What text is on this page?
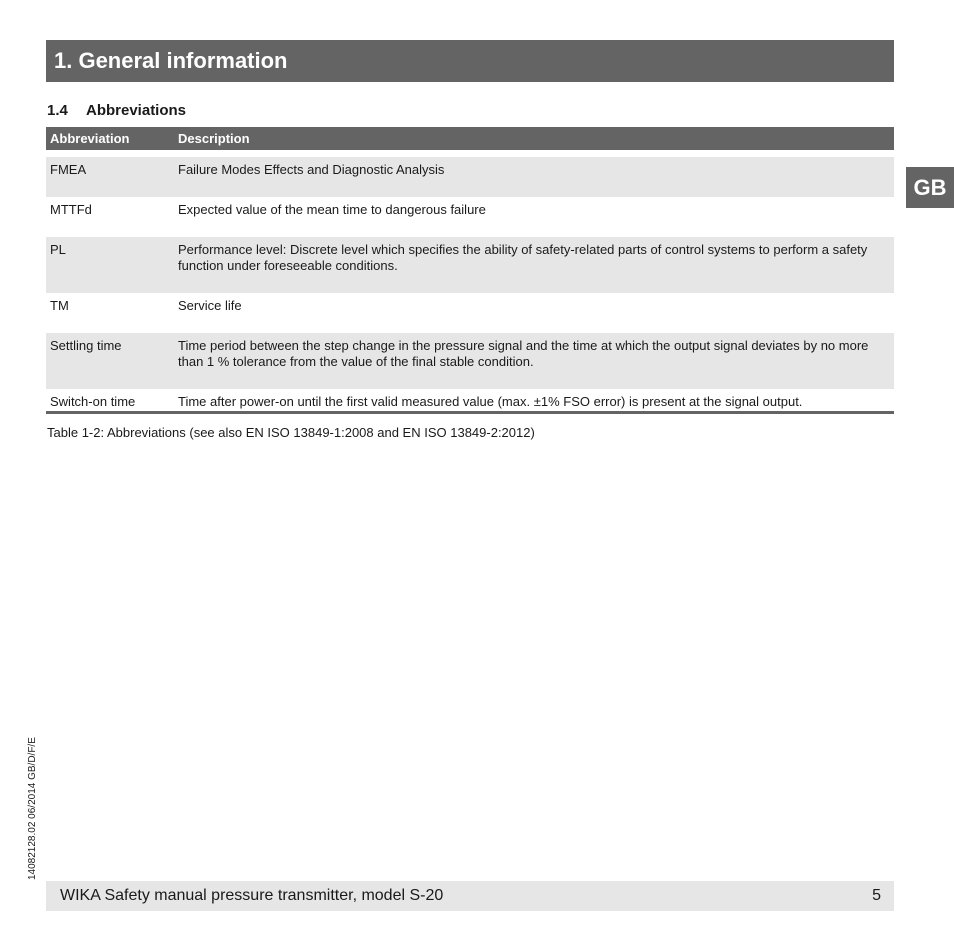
1. General information
1.4 Abbreviations
Abbreviation	Description

FMEA	Failure Modes Effects and Diagnostic Analysis
MTTFd	Expected value of the mean time to dangerous failure
PL	Performance level: Discrete level which specifies the ability of safety-related parts of control systems to perform a safety function under foreseeable conditions.
TM	Service life
Settling time	Time period between the step change in the pressure signal and the time at which the output signal deviates by no more than 1 % tolerance from the value of the final stable condition.
Switch-on time	Time after power-on until the first valid measured value (max. ±1% FSO error) is present at the signal output.
Table 1-2: Abbreviations (see also EN ISO 13849-1:2008 and EN ISO 13849-2:2012)
GB
14082128.02 06/2014 GB/D/F/E
WIKA Safety manual pressure transmitter, model S-20	5
